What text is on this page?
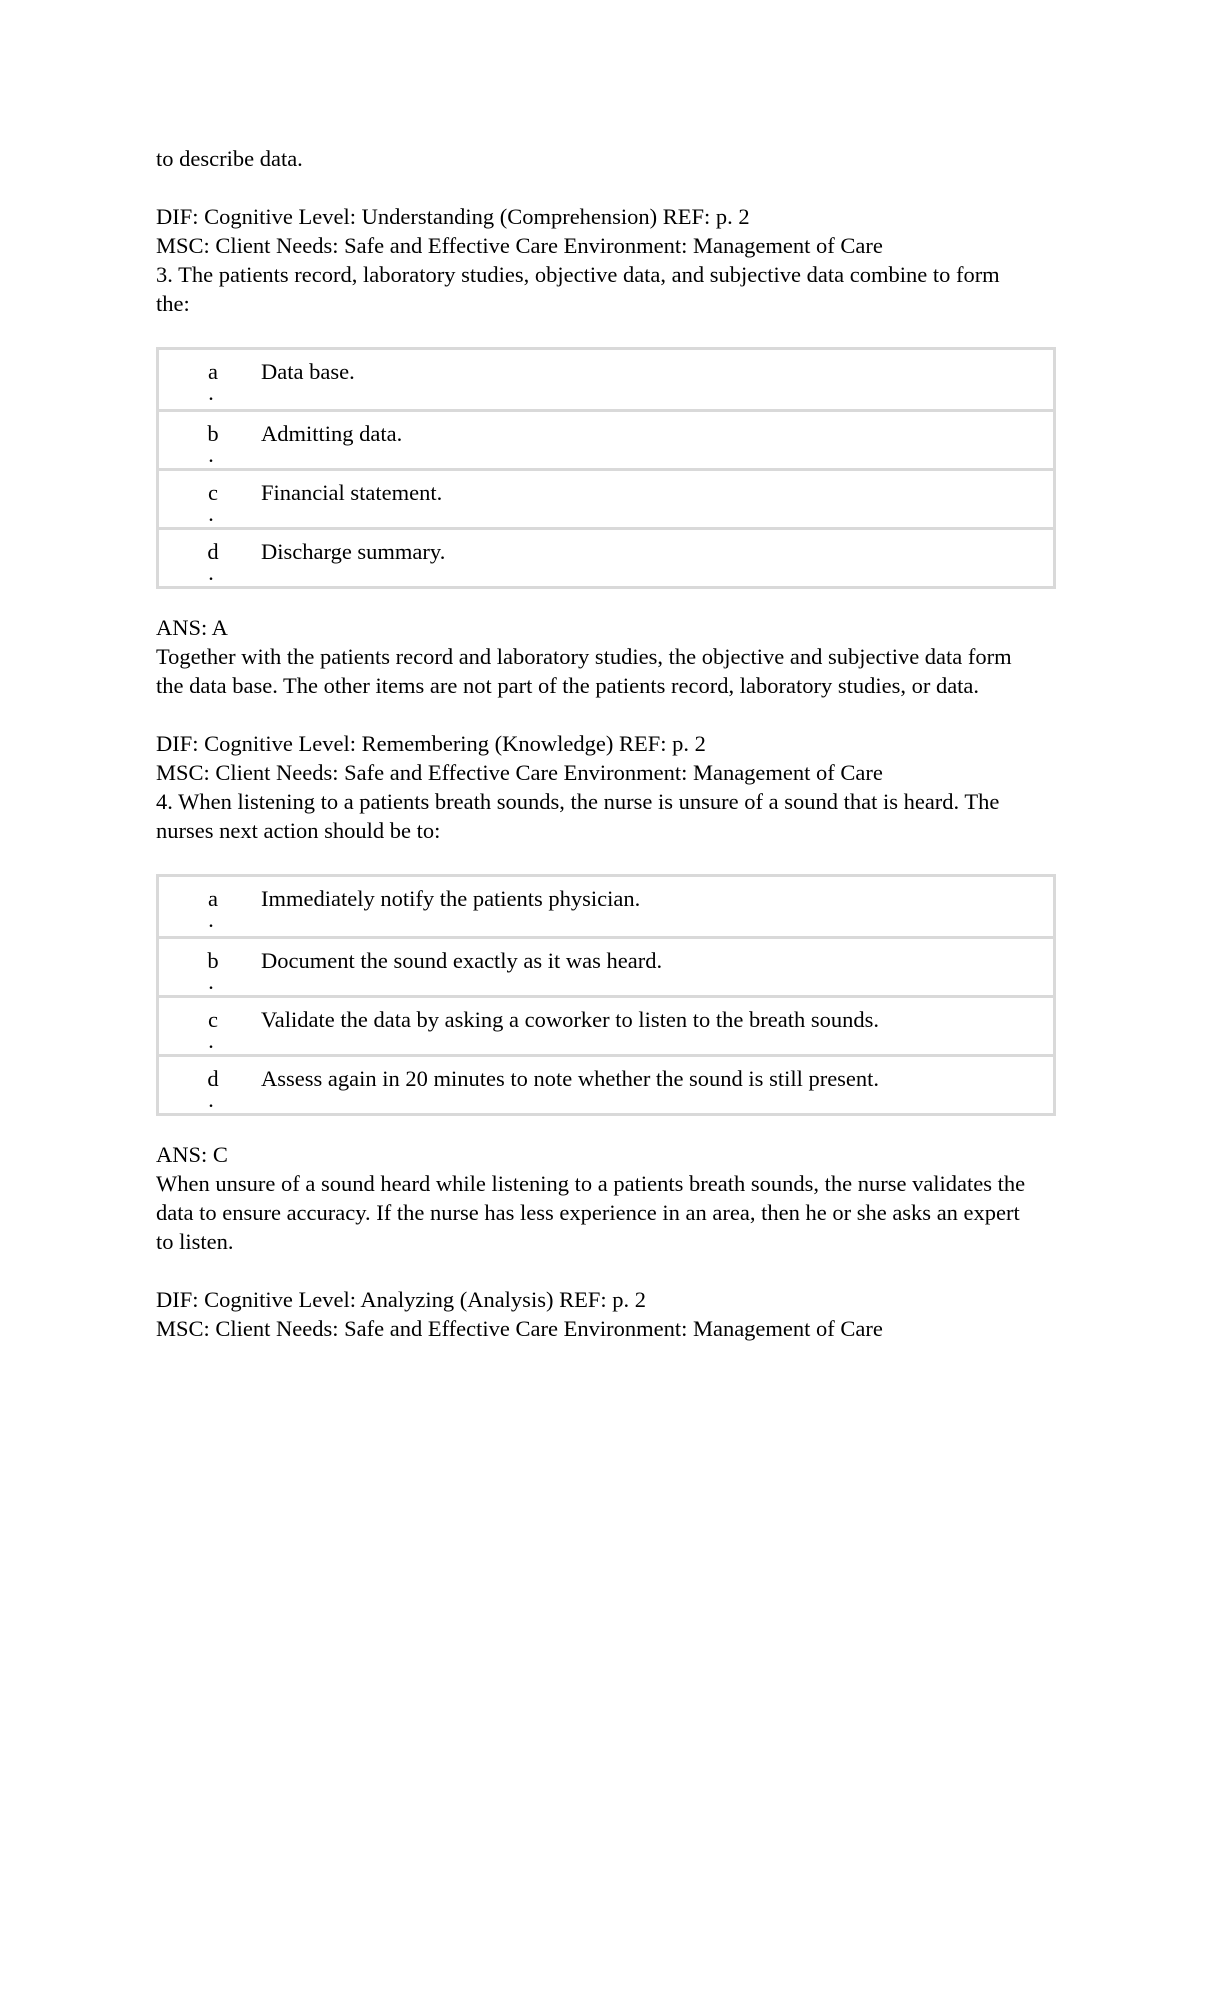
to describe data.
DIF: Cognitive Level: Understanding (Comprehension) REF: p. 2
MSC: Client Needs: Safe and Effective Care Environment: Management of Care
3. The patients record, laboratory studies, objective data, and subjective data combine to form
the:
a
.	Data base.

b
.	Admitting data.

c
.	Financial statement.

d
.	Discharge summary.
ANS: A
Together with the patients record and laboratory studies, the objective and subjective data form
the data base. The other items are not part of the patients record, laboratory studies, or data.
DIF: Cognitive Level: Remembering (Knowledge) REF: p. 2
MSC: Client Needs: Safe and Effective Care Environment: Management of Care
4. When listening to a patients breath sounds, the nurse is unsure of a sound that is heard. The
nurses next action should be to:
a
.	Immediately notify the patients physician.

b
.	Document the sound exactly as it was heard.

c
.	Validate the data by asking a coworker to listen to the breath sounds.

d
.	Assess again in 20 minutes to note whether the sound is still present.
ANS: C
When unsure of a sound heard while listening to a patients breath sounds, the nurse validates the
data to ensure accuracy. If the nurse has less experience in an area, then he or she asks an expert
to listen.
DIF: Cognitive Level: Analyzing (Analysis) REF: p. 2
MSC: Client Needs: Safe and Effective Care Environment: Management of Care
